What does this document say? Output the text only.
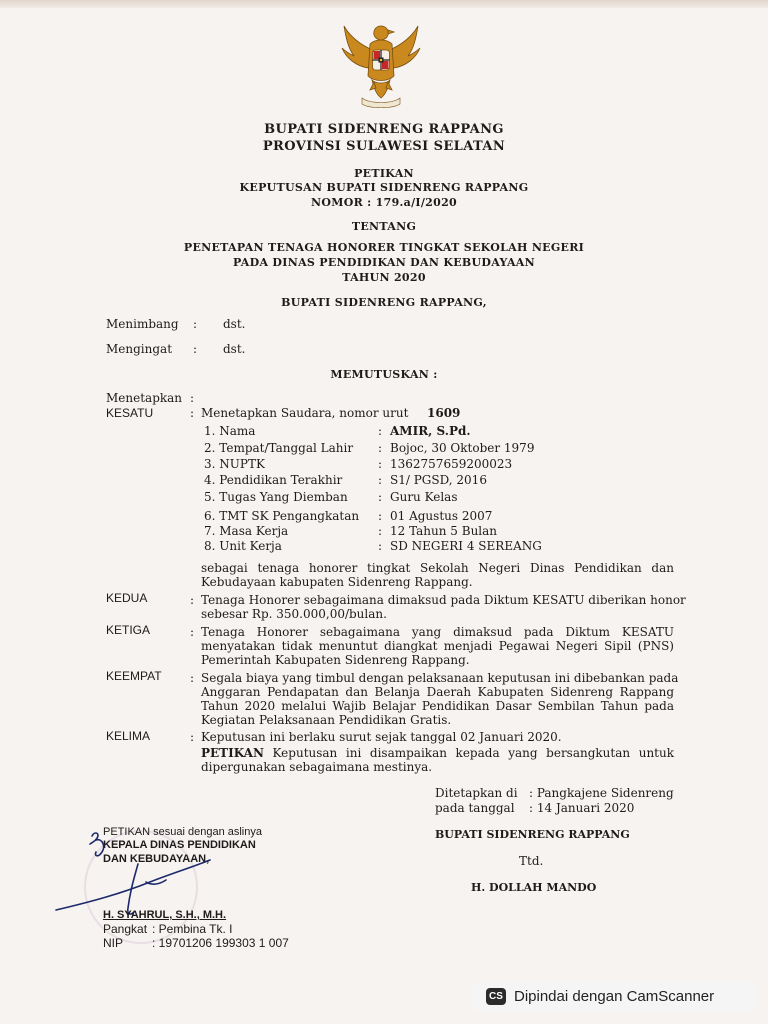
BUPATI SIDENRENG RAPPANG
PROVINSI SULAWESI SELATAN
PETIKAN
KEPUTUSAN BUPATI SIDENRENG RAPPANG
NOMOR : 179.a/I/2020
TENTANG
PENETAPAN TENAGA HONORER TINGKAT SEKOLAH NEGERI
PADA DINAS PENDIDIKAN DAN KEBUDAYAAN
TAHUN 2020
BUPATI SIDENRENG RAPPANG,
Menimbang : dst.
Mengingat : dst.
MEMUTUSKAN :
Menetapkan :
KESATU	: Menetapkan Saudara, nomor urut 1609
1. Nama	: AMIR, S.Pd.
2. Tempat/Tanggal Lahir : Bojoc, 30 Oktober 1979
3. NUPTK	: 1362757659200023
4. Pendidikan Terakhir	: S1/ PGSD, 2016
5. Tugas Yang Diemban	: Guru Kelas
6. TMT SK Pengangkatan : 01 Agustus 2007
7. Masa Kerja	: 12 Tahun 5 Bulan
8. Unit Kerja	: SD NEGERI 4 SEREANG
sebagai tenaga honorer tingkat Sekolah Negeri Dinas Pendidikan dan
Kebudayaan kabupaten Sidenreng Rappang.
KEDUA	: Tenaga Honorer sebagaimana dimaksud pada Diktum KESATU diberikan honor
sebesar Rp. 350.000,00/bulan.
KETIGA	: Tenaga Honorer sebagaimana yang dimaksud pada Diktum KESATU
menyatakan tidak menuntut diangkat menjadi Pegawai Negeri Sipil (PNS)
Pemerintah Kabupaten Sidenreng Rappang.
KEEMPAT : Segala biaya yang timbul dengan pelaksanaan keputusan ini dibebankan pada
Anggaran Pendapatan dan Belanja Daerah Kabupaten Sidenreng Rappang
Tahun 2020 melalui Wajib Belajar Pendidikan Dasar Sembilan Tahun pada
Kegiatan Pelaksanaan Pendidikan Gratis.
KELIMA	: Keputusan ini berlaku surut sejak tanggal 02 Januari 2020.
PETIKAN Keputusan ini disampaikan kepada yang bersangkutan untuk
dipergunakan sebagaimana mestinya.
Ditetapkan di : Pangkajene Sidenreng
pada tanggal : 14 Januari 2020
BUPATI SIDENRENG RAPPANG
Ttd.
H. DOLLAH MANDO
PETIKAN sesuai dengan aslinya
KEPALA DINAS PENDIDIKAN
DAN KEBUDAYAAN,
H. SYAHRUL, S.H., M.H.
Pangkat : Pembina Tk. I
NIP : 19701206 199303 1 007
CS Dipindai dengan CamScanner
